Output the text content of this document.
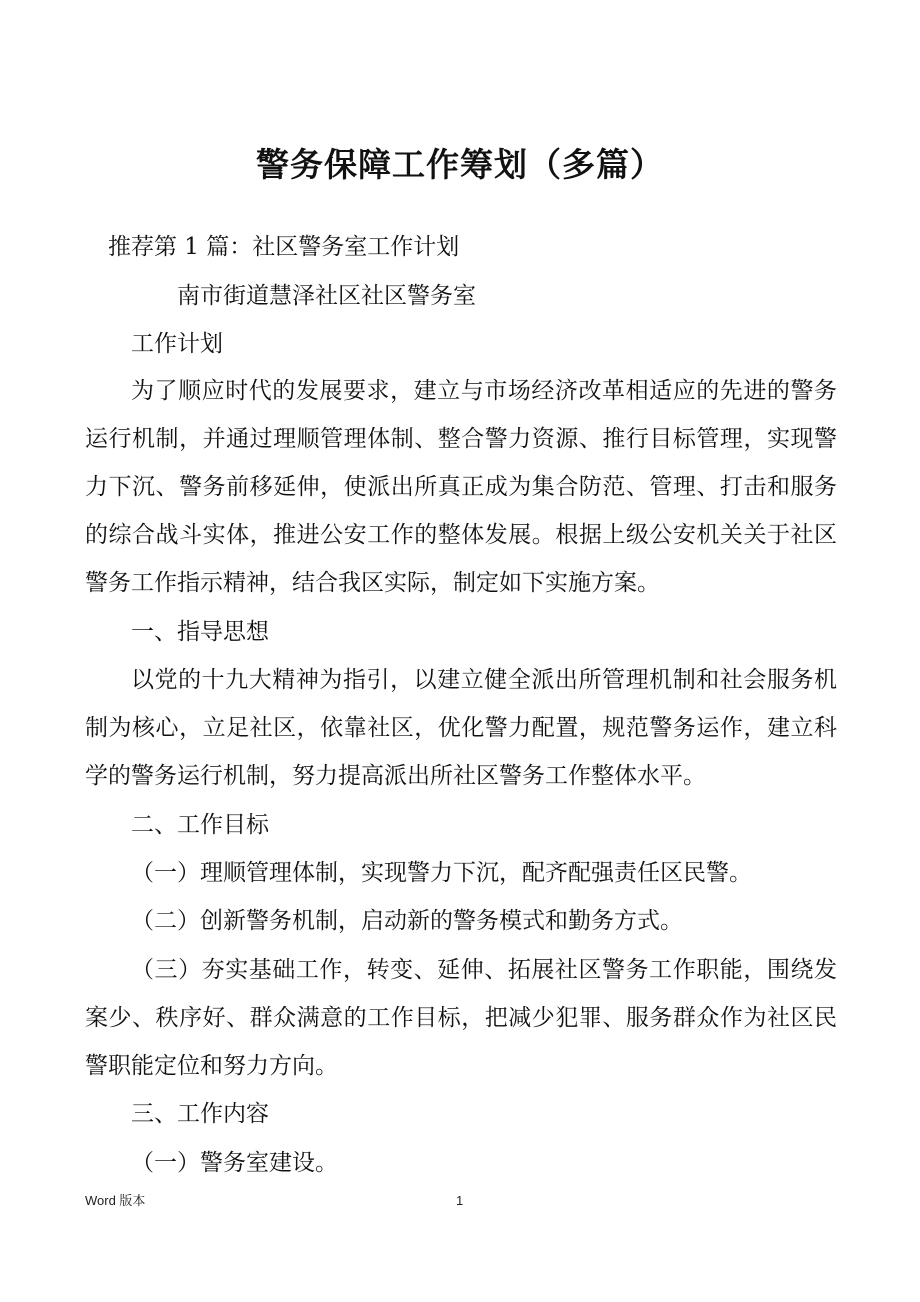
警务保障工作筹划（多篇）
推荐第 1 篇：社区警务室工作计划
南市街道慧泽社区社区警务室
工作计划
为了顺应时代的发展要求，建立与市场经济改革相适应的先进的警务
运行机制，并通过理顺管理体制、整合警力资源、推行目标管理，实现警
力下沉、警务前移延伸，使派出所真正成为集合防范、管理、打击和服务
的综合战斗实体，推进公安工作的整体发展。根据上级公安机关关于社区
警务工作指示精神，结合我区实际，制定如下实施方案。
一、指导思想
以党的十九大精神为指引，以建立健全派出所管理机制和社会服务机
制为核心，立足社区，依靠社区，优化警力配置，规范警务运作，建立科
学的警务运行机制，努力提高派出所社区警务工作整体水平。
二、工作目标
（一）理顺管理体制，实现警力下沉，配齐配强责任区民警。
（二）创新警务机制，启动新的警务模式和勤务方式。
（三）夯实基础工作，转变、延伸、拓展社区警务工作职能，围绕发
案少、秩序好、群众满意的工作目标，把减少犯罪、服务群众作为社区民
警职能定位和努力方向。
三、工作内容
（一）警务室建设。
Word 版本	1
